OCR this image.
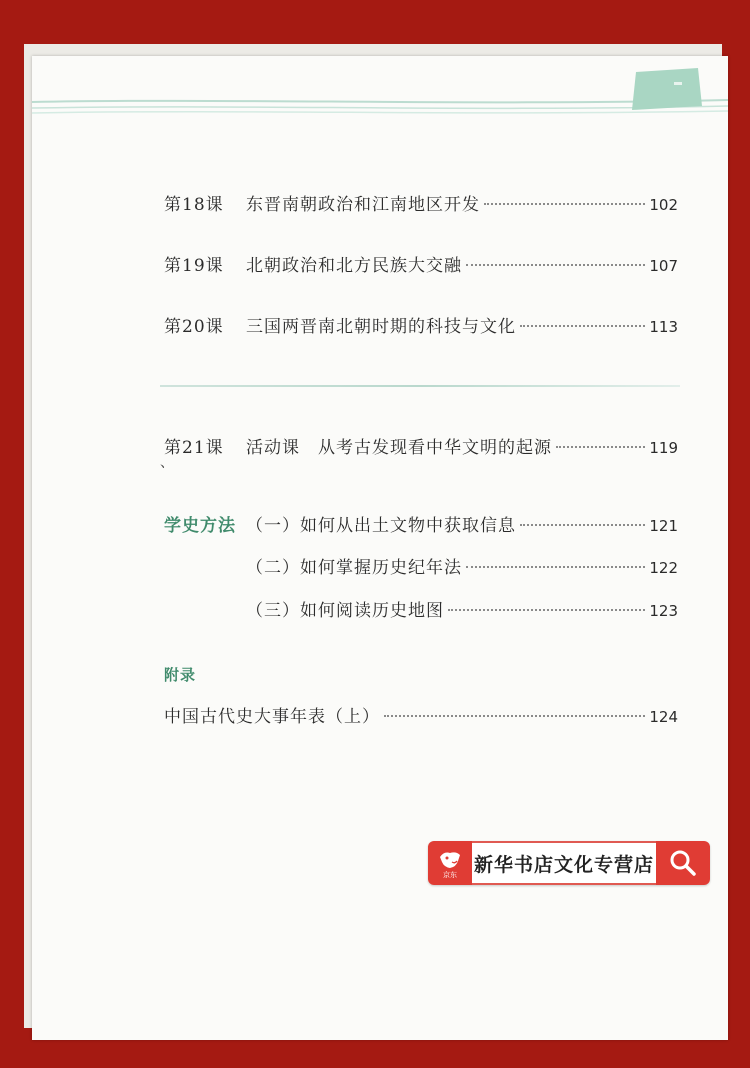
第18课	东晋南朝政治和江南地区开发	102
第19课	北朝政治和北方民族大交融	107
第20课	三国两晋南北朝时期的科技与文化	113
第21课	活动课　从考古发现看中华文明的起源	119
、
学史方法 （一）如何从出土文物中获取信息	121
（二）如何掌握历史纪年法	122
（三）如何阅读历史地图	123
附录
中国古代史大事年表（上）	124
京东 新华书店文化专营店
